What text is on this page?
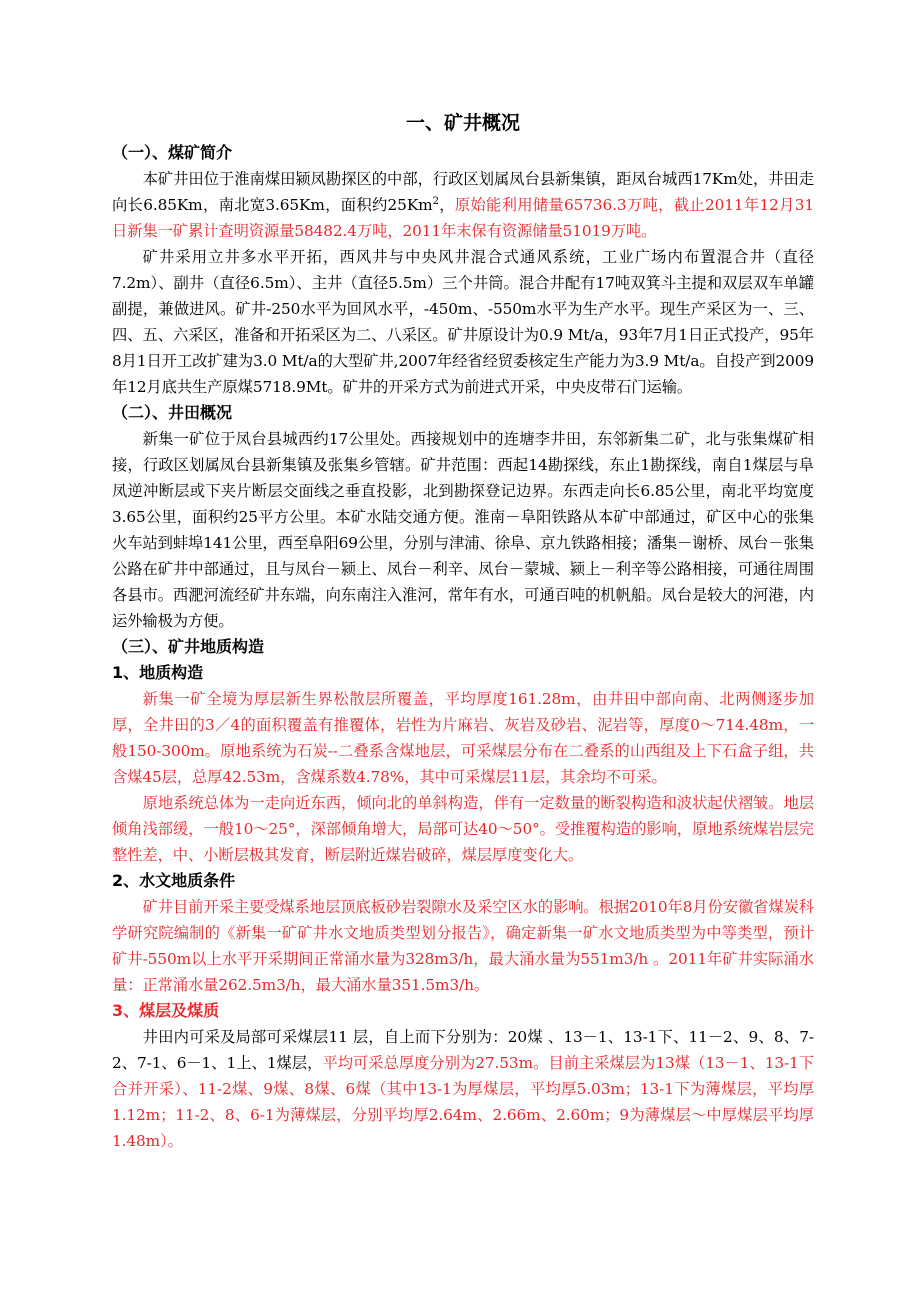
一、矿井概况
（一）、煤矿简介

本矿井田位于淮南煤田颍凤勘探区的中部，行政区划属凤台县新集镇，距凤台城西17Km处，井田走向长6.85Km，南北宽3.65Km，面积约25Km$^2$，原始能利用储量65736.3万吨，截止2011年12月31日新集一矿累计查明资源量58482.4万吨，2011年末保有资源储量51019万吨。

矿井采用立井多水平开拓，西风井与中央风井混合式通风系统，工业广场内布置混合井（直径7.2m）、副井（直径6.5m）、主井（直径5.5m）三个井筒。混合井配有17吨双箕斗主提和双层双车单罐副提，兼做进风。矿井-250水平为回风水平，-450m、-550m水平为生产水平。现生产采区为一、三、四、五、六采区，准备和开拓采区为二、八采区。矿井原设计为0.9 Mt/a，93年7月1日正式投产，95年8月1日开工改扩建为3.0 Mt/a的大型矿井,2007年经省经贸委核定生产能力为3.9 Mt/a。自投产到2009年12月底共生产原煤5718.9Mt。矿井的开采方式为前进式开采，中央皮带石门运输。

（二）、井田概况

新集一矿位于凤台县城西约17公里处。西接规划中的连塘李井田，东邻新集二矿，北与张集煤矿相接，行政区划属凤台县新集镇及张集乡管辖。矿井范围：西起14勘探线，东止1勘探线，南自1煤层与阜凤逆冲断层或下夹片断层交面线之垂直投影，北到勘探登记边界。东西走向长6.85公里，南北平均宽度3.65公里，面积约25平方公里。本矿水陆交通方便。淮南－阜阳铁路从本矿中部通过，矿区中心的张集火车站到蚌埠141公里，西至阜阳69公里，分别与津浦、徐阜、京九铁路相接；潘集－谢桥、凤台－张集公路在矿井中部通过，且与凤台－颍上、凤台－利辛、凤台－蒙城、颍上－利辛等公路相接，可通往周围各县市。西淝河流经矿井东端，向东南注入淮河，常年有水，可通百吨的机帆船。凤台是较大的河港，内运外输极为方便。

（三）、矿井地质构造
1、地质构造

新集一矿全境为厚层新生界松散层所覆盖，平均厚度161.28m，由井田中部向南、北两侧逐步加厚，全井田的3／4的面积覆盖有推覆体，岩性为片麻岩、灰岩及砂岩、泥岩等，厚度0～714.48m，一般150-300m。原地系统为石炭--二叠系含煤地层，可采煤层分布在二叠系的山西组及上下石盒子组，共含煤45层，总厚42.53m，含煤系数4.78%，其中可采煤层11层，其余均不可采。

原地系统总体为一走向近东西，倾向北的单斜构造，伴有一定数量的断裂构造和波状起伏褶皱。地层倾角浅部缓，一般10～25°，深部倾角增大，局部可达40～50°。受推覆构造的影响，原地系统煤岩层完整性差，中、小断层极其发育，断层附近煤岩破碎，煤层厚度变化大。

2、水文地质条件

矿井目前开采主要受煤系地层顶底板砂岩裂隙水及采空区水的影响。根据2010年8月份安徽省煤炭科学研究院编制的《新集一矿矿井水文地质类型划分报告》，确定新集一矿水文地质类型为中等类型，预计矿井-550m以上水平开采期间正常涌水量为328m3/h，最大涌水量为551m3/h 。2011年矿井实际涌水量：正常涌水量262.5m3/h，最大涌水量351.5m3/h。

3、煤层及煤质

井田内可采及局部可采煤层11 层，自上而下分别为：20煤 、13－1、13-1下、11－2、9、8、7-2、7-1、6－1、1上、1煤层，平均可采总厚度分别为27.53m。目前主采煤层为13煤（13－1、13-1下合并开采）、11-2煤、9煤、8煤、6煤（其中13-1为厚煤层，平均厚5.03m；13-1下为薄煤层，平均厚1.12m；11-2、8、6-1为薄煤层，分别平均厚2.64m、2.66m、2.60m；9为薄煤层～中厚煤层平均厚1.48m）。
